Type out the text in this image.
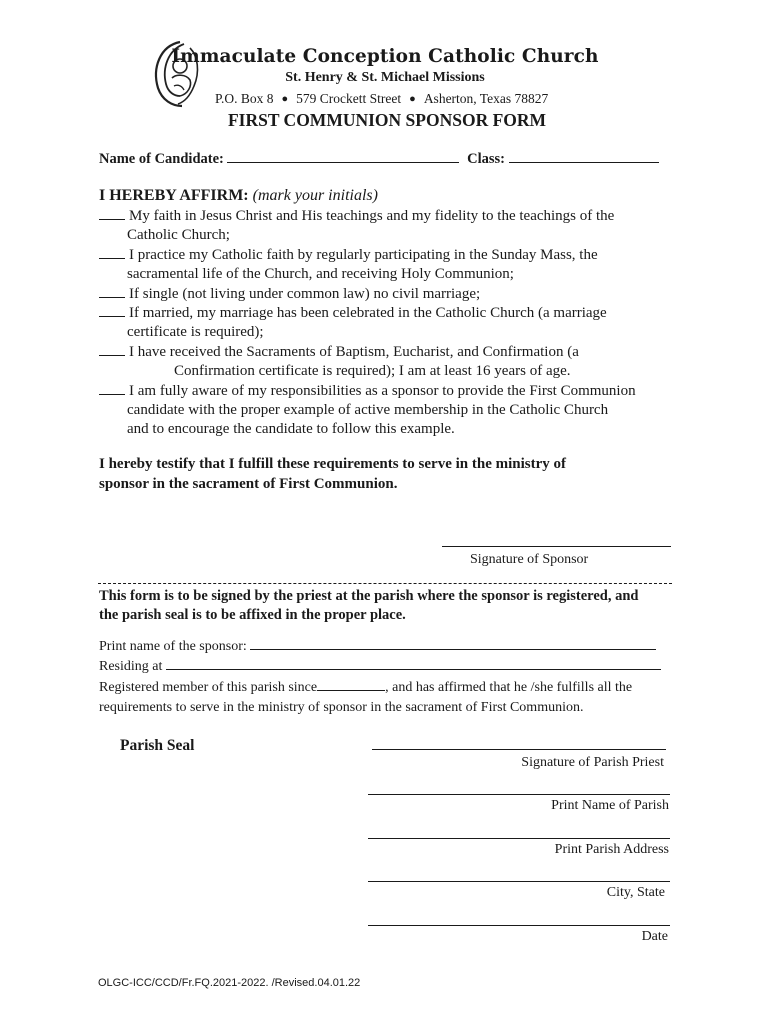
Immaculate Conception Catholic Church
St. Henry & St. Michael Missions
P.O. Box 8 ● 579 Crockett Street ● Asherton, Texas 78827
FIRST COMMUNION SPONSOR FORM
Name of Candidate:	Class:
I HEREBY AFFIRM: (mark your initials)
My faith in Jesus Christ and His teachings and my fidelity to the teachings of the
Catholic Church;
I practice my Catholic faith by regularly participating in the Sunday Mass, the
sacramental life of the Church, and receiving Holy Communion;
If single (not living under common law) no civil marriage;
If married, my marriage has been celebrated in the Catholic Church (a marriage
certificate is required);
I have received the Sacraments of Baptism, Eucharist, and Confirmation (a
Confirmation certificate is required); I am at least 16 years of age.
I am fully aware of my responsibilities as a sponsor to provide the First Communion
candidate with the proper example of active membership in the Catholic Church
and to encourage the candidate to follow this example.
I hereby testify that I fulfill these requirements to serve in the ministry of
sponsor in the sacrament of First Communion.
Signature of Sponsor
This form is to be signed by the priest at the parish where the sponsor is registered, and
the parish seal is to be affixed in the proper place.
Print name of the sponsor:
Residing at
Registered member of this parish since	, and has affirmed that he /she fulfills all the
requirements to serve in the ministry of sponsor in the sacrament of First Communion.
Parish Seal
Signature of Parish Priest
Print Name of Parish
Print Parish Address
City, State
Date
OLGC-ICC/CCD/Fr.FQ.2021-2022. /Revised.04.01.22
